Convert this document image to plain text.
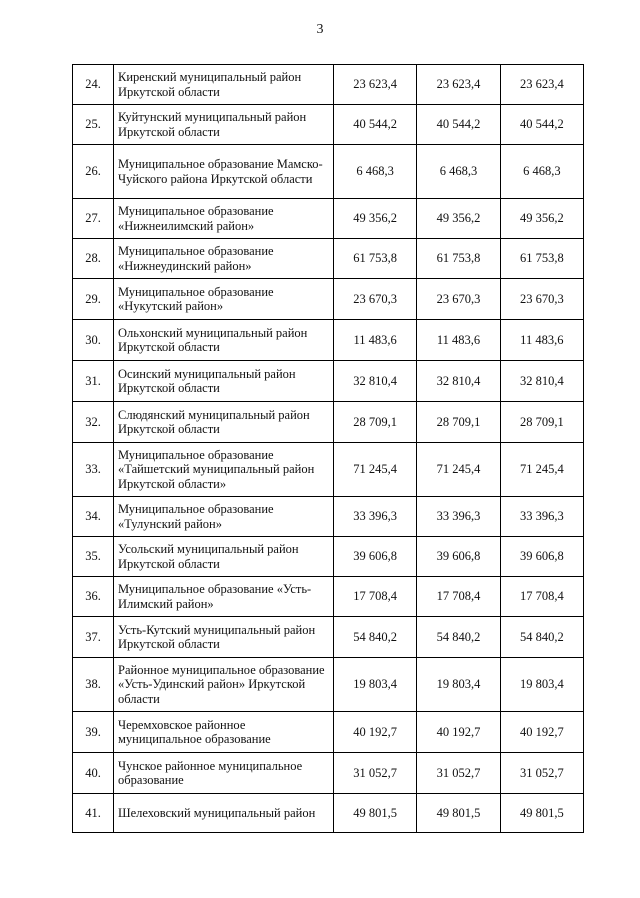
3
24.	Киренский муниципальный район Иркутской области	23 623,4	23 623,4	23 623,4
25.	Куйтунский муниципальный район Иркутской области	40 544,2	40 544,2	40 544,2
26.	Муниципальное образование Мамско-Чуйского района Иркутской области	6 468,3	6 468,3	6 468,3
27.	Муниципальное образование «Нижнеилимский район»	49 356,2	49 356,2	49 356,2
28.	Муниципальное образование «Нижнеудинский район»	61 753,8	61 753,8	61 753,8
29.	Муниципальное образование «Нукутский район»	23 670,3	23 670,3	23 670,3
30.	Ольхонский муниципальный район Иркутской области	11 483,6	11 483,6	11 483,6
31.	Осинский муниципальный район Иркутской области	32 810,4	32 810,4	32 810,4
32.	Слюдянский муниципальный район Иркутской области	28 709,1	28 709,1	28 709,1
33.	Муниципальное образование «Тайшетский муниципальный район Иркутской области»	71 245,4	71 245,4	71 245,4
34.	Муниципальное образование «Тулунский район»	33 396,3	33 396,3	33 396,3
35.	Усольский муниципальный район Иркутской области	39 606,8	39 606,8	39 606,8
36.	Муниципальное образование «Усть-Илимский район»	17 708,4	17 708,4	17 708,4
37.	Усть-Кутский муниципальный район Иркутской области	54 840,2	54 840,2	54 840,2
38.	Районное муниципальное образование «Усть-Удинский район» Иркутской области	19 803,4	19 803,4	19 803,4
39.	Черемховское районное муниципальное образование	40 192,7	40 192,7	40 192,7
40.	Чунское районное муниципальное образование	31 052,7	31 052,7	31 052,7
41.	Шелеховский муниципальный район	49 801,5	49 801,5	49 801,5
